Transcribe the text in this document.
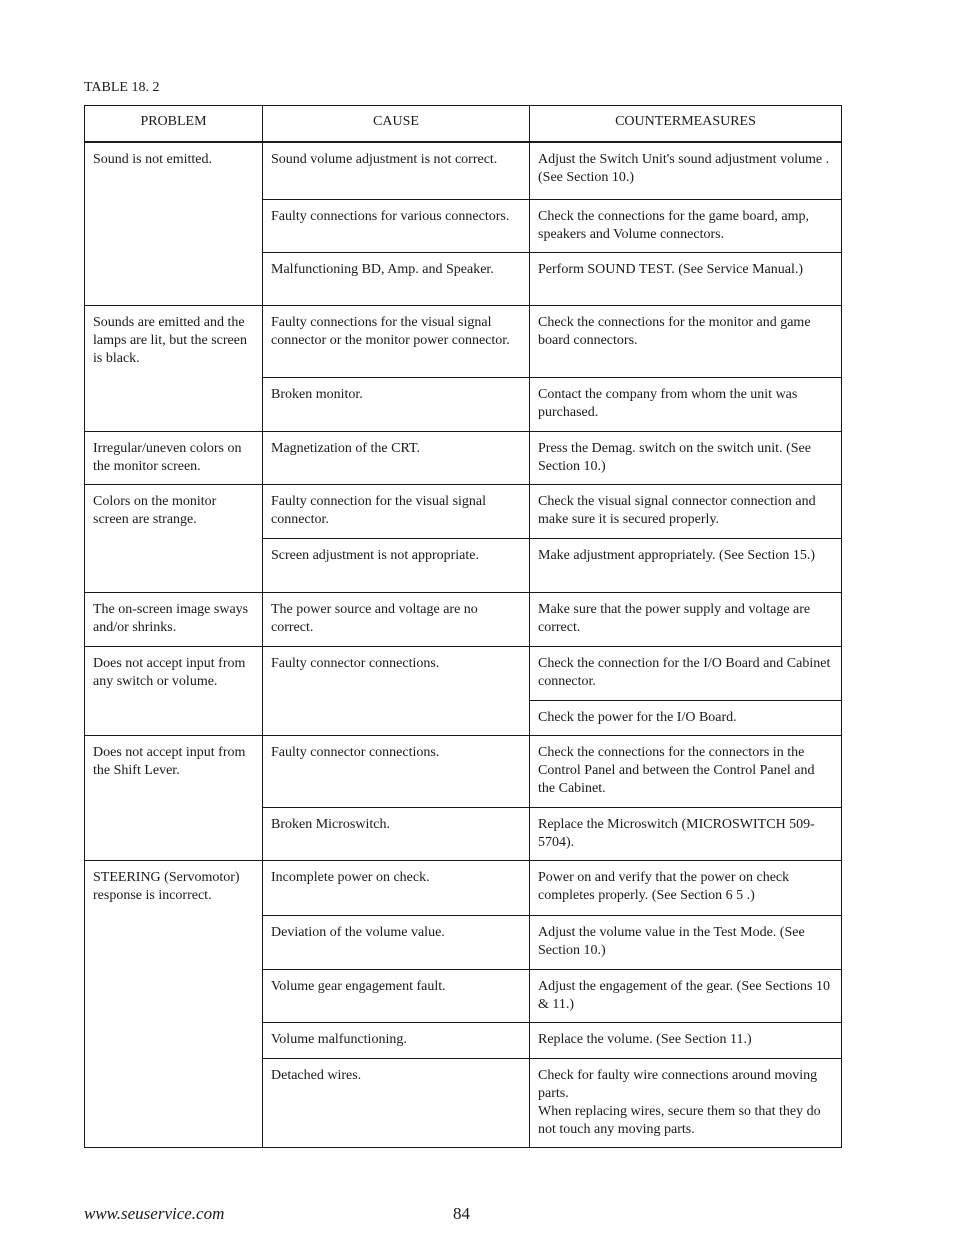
TABLE 18. 2
PROBLEM	CAUSE	COUNTERMEASURES
Sound is not emitted.	Sound volume adjustment is not correct.	Adjust the Switch Unit's sound adjustment volume . (See Section 10.)
	Faulty connections for various connectors.	Check the connections for the game board, amp, speakers and Volume connectors.
	Malfunctioning BD, Amp. and Speaker.	Perform SOUND TEST. (See Service Manual.)
Sounds are emitted and the lamps are lit, but the screen is black.	Faulty connections for the visual signal connector or the monitor power connector.	Check the connections for the monitor and game board connectors.
	Broken monitor.	Contact the company from whom the unit was purchased.
Irregular/uneven colors on the monitor screen.	Magnetization of the CRT.	Press the Demag. switch on the switch unit. (See Section 10.)
Colors on the monitor screen are strange.	Faulty connection for the visual signal connector.	Check the visual signal connector connection and make sure it is secured properly.
	Screen adjustment is not appropriate.	Make adjustment appropriately. (See Section 15.)
The on-screen image sways and/or shrinks.	The power source and voltage are no correct.	Make sure that the power supply and voltage are correct.
Does not accept input from any switch or volume.	Faulty connector connections.	Check the connection for the I/O Board and Cabinet connector.
		Check the power for the I/O Board.
Does not accept input from the Shift Lever.	Faulty connector connections.	Check the connections for the connectors in the Control Panel and between the Control Panel and the Cabinet.
	Broken Microswitch.	Replace the Microswitch (MICROSWITCH 509-5704).
STEERING (Servomotor) response is incorrect.	Incomplete power on check.	Power on and verify that the power on check completes properly. (See Section 6 5 .)
	Deviation of the volume value.	Adjust the volume value in the Test Mode. (See Section 10.)
	Volume gear engagement fault.	Adjust the engagement of the gear. (See Sections 10 & 11.)
	Volume malfunctioning.	Replace the volume. (See Section 11.)
	Detached wires.	Check for faulty wire connections around moving parts.
When replacing wires, secure them so that they do not touch any moving parts.
www.seuservice.com	84
